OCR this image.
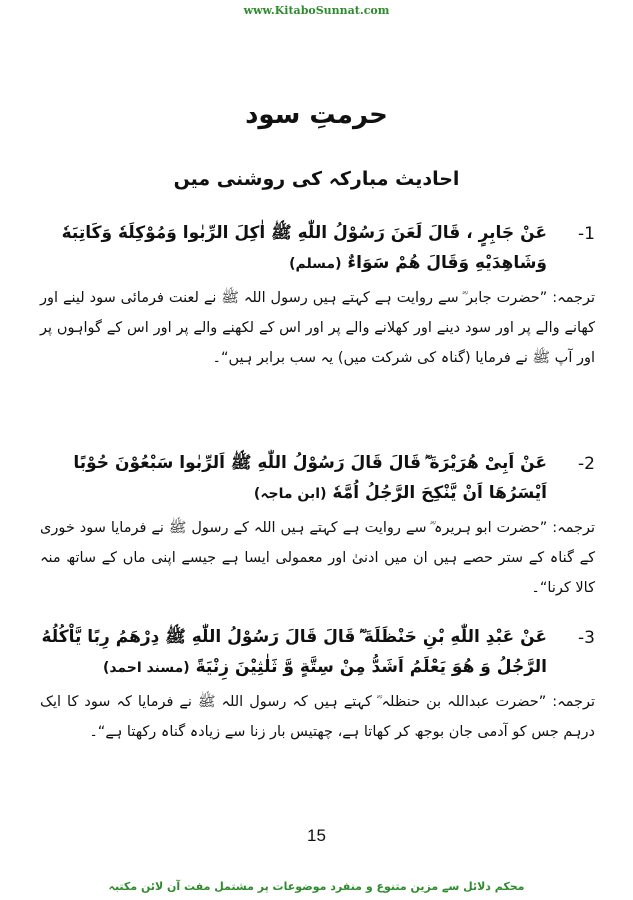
www.KitaboSunnat.com
حرمتِ سود
احادیث مبارکہ کی روشنی میں
-1
عَنْ جَابِرٍ ، قَالَ لَعَنَ رَسُوْلُ اللّٰهِ ﷺ اٰكِلَ الرِّبٰوا وَمُوْكِلَهٗ وَكَاتِبَهٗ وَشَاهِدَيْهِ وَقَالَ هُمْ سَوَاءٌ (مسلم)
ترجمہ: ”حضرت جابر ؓ سے روایت ہے کہتے ہیں رسول اللہ ﷺ نے لعنت فرمائی سود لینے اور کھانے والے پر اور سود دینے اور کھلانے والے پر اور اس کے لکھنے والے پر اور اس کے گواہوں پر اور آپ ﷺ نے فرمایا (گناہ کی شرکت میں) یہ سب برابر ہیں“۔
-2
عَنْ اَبِیْ هُرَيْرَةَ ؓ قَالَ قَالَ رَسُوْلُ اللّٰهِ ﷺ اَلرِّبٰوا سَبْعُوْنَ حُوْبًا اَيْسَرُهَا اَنْ يَّنْكِحَ الرَّجُلُ اُمَّهٗ (ابن ماجہ)
ترجمہ: ”حضرت ابو ہریرہ ؓ سے روایت ہے کہتے ہیں اللہ کے رسول ﷺ نے فرمایا سود خوری کے گناہ کے ستر حصے ہیں ان میں ادنیٰ اور معمولی ایسا ہے جیسے اپنی ماں کے ساتھ منہ کالا کرنا“۔
-3
عَنْ عَبْدِ اللّٰهِ بْنِ حَنْظَلَةَ ؓ قَالَ قَالَ رَسُوْلُ اللّٰهِ ﷺ دِرْهَمُ رِبًا يَّاْكُلُهُ الرَّجُلُ وَ هُوَ يَعْلَمُ اَشَدُّ مِنْ سِتَّةٍ وَّ ثَلٰثِيْنَ زِنْيَةً (مسند احمد)
ترجمہ: ”حضرت عبداللہ بن حنظلہ ؓ کہتے ہیں کہ رسول اللہ ﷺ نے فرمایا کہ سود کا ایک درہم جس کو آدمی جان بوجھ کر کھاتا ہے، چھتیس بار زنا سے زیادہ گناہ رکھتا ہے“۔
15
محکم دلائل سے مزین متنوع و منفرد موضوعات پر مشتمل مفت آن لائن مکتبہ
